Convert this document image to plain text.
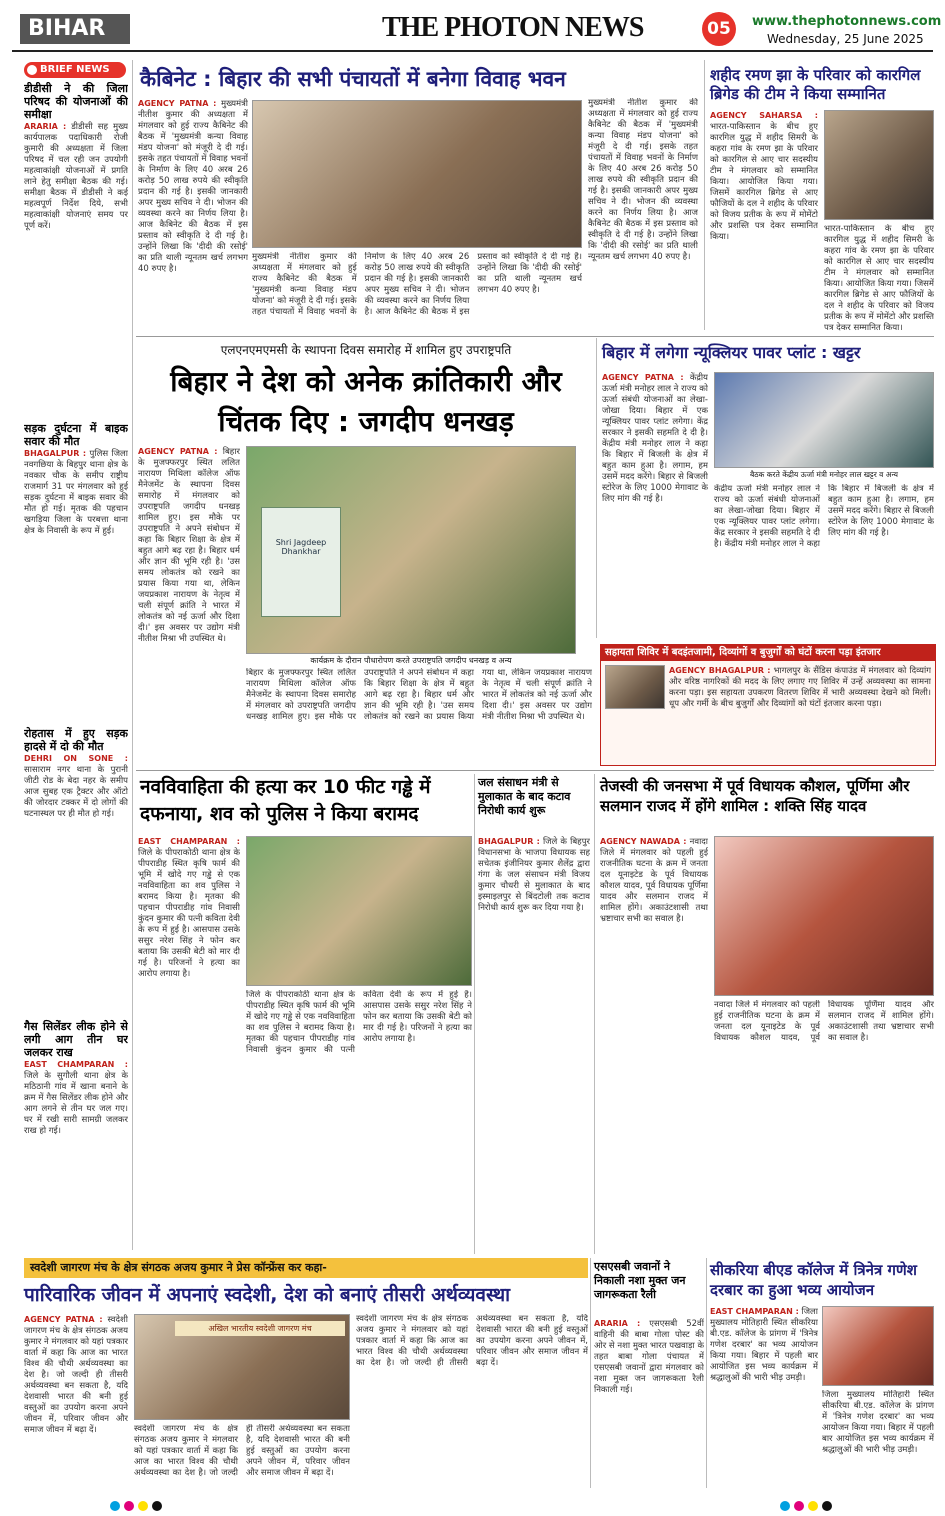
BIHAR	THE PHOTON NEWS	05	www.thephotonnews.com
Wednesday, 25 June 2025
BRIEF NEWS
डीडीसी ने की जिला परिषद की योजनाओं की समीक्षा
ARARIA : डीडीसी सह मुख्य कार्यपालक पदाधिकारी रोजी कुमारी की अध्यक्षता में जिला परिषद में चल रही जन उपयोगी महत्वाकांक्षी योजनाओं में प्रगति लाने हेतु समीक्षा बैठक की गई। समीक्षा बैठक में डीडीसी ने कई महत्वपूर्ण निर्देश दिये, सभी महत्वाकांक्षी योजनाएं समय पर पूर्ण करें।
सड़क दुर्घटना में बाइक सवार की मौत
BHAGALPUR : पुलिस जिला नवगछिया के बिहपुर थाना क्षेत्र के नवकार चौक के समीप राष्ट्रीय राजमार्ग 31 पर मंगलवार को हुई सड़क दुर्घटना में बाइक सवार की मौत हो गई। मृतक की पहचान खगड़िया जिला के परबत्ता थाना क्षेत्र के निवासी के रूप में हुई।
रोहतास में हुए सड़क हादसे में दो की मौत
DEHRI ON SONE : सासाराम नगर थाना के पुरानी जीटी रोड के बेदा नहर के समीप आज सुबह एक ट्रैक्टर और ऑटो की जोरदार टक्कर में दो लोगों की घटनास्थल पर ही मौत हो गई।
गैस सिलेंडर लीक होने से लगी आग तीन घर जलकर राख
EAST CHAMPARAN : जिले के सुगौली थाना क्षेत्र के मठिठानी गांव में खाना बनाने के क्रम में गैस सिलेंडर लीक होने और आग लगने से तीन घर जल गए। घर में रखी सारी सामग्री जलकर राख हो गई।
कैबिनेट : बिहार की सभी पंचायतों में बनेगा विवाह भवन
AGENCY PATNA : मुख्यमंत्री नीतीश कुमार की अध्यक्षता में मंगलवार को हुई राज्य कैबिनेट की बैठक में 'मुख्यमंत्री कन्या विवाह मंडप योजना' को मंजूरी दे दी गई। इसके तहत पंचायतों में विवाह भवनों के निर्माण के लिए 40 अरब 26 करोड़ 50 लाख रुपये की स्वीकृति प्रदान की गई है। इसकी जानकारी अपर मुख्य सचिव ने दी। भोजन की व्यवस्था करने का निर्णय लिया है। आज कैबिनेट की बैठक में इस प्रस्ताव को स्वीकृति दे दी गई है। उन्होंने लिखा कि 'दीदी की रसोई' का प्रति थाली न्यूनतम खर्च लगभग 40 रुपए है।
मुख्यमंत्री नीतीश कुमार की अध्यक्षता में मंगलवार को हुई राज्य कैबिनेट की बैठक में 'मुख्यमंत्री कन्या विवाह मंडप योजना' को मंजूरी दे दी गई। इसके तहत पंचायतों में विवाह भवनों के निर्माण के लिए 40 अरब 26 करोड़ 50 लाख रुपये की स्वीकृति प्रदान की गई है। इसकी जानकारी अपर मुख्य सचिव ने दी। भोजन की व्यवस्था करने का निर्णय लिया है। आज कैबिनेट की बैठक में इस प्रस्ताव को स्वीकृति दे दी गई है। उन्होंने लिखा कि 'दीदी की रसोई' का प्रति थाली न्यूनतम खर्च लगभग 40 रुपए है।
मुख्यमंत्री नीतीश कुमार की अध्यक्षता में मंगलवार को हुई राज्य कैबिनेट की बैठक में 'मुख्यमंत्री कन्या विवाह मंडप योजना' को मंजूरी दे दी गई। इसके तहत पंचायतों में विवाह भवनों के निर्माण के लिए 40 अरब 26 करोड़ 50 लाख रुपये की स्वीकृति प्रदान की गई है। इसकी जानकारी अपर मुख्य सचिव ने दी। भोजन की व्यवस्था करने का निर्णय लिया है। आज कैबिनेट की बैठक में इस प्रस्ताव को स्वीकृति दे दी गई है। उन्होंने लिखा कि 'दीदी की रसोई' का प्रति थाली न्यूनतम खर्च लगभग 40 रुपए है।
शहीद रमण झा के परिवार को कारगिल ब्रिगेड की टीम ने किया सम्मानित
AGENCY SAHARSA : भारत-पाकिस्तान के बीच हुए कारगिल युद्ध में शहीद सिमरी के कहरा गांव के रमण झा के परिवार को कारगिल से आए चार सदस्यीय टीम ने मंगलवार को सम्मानित किया। आयोजित किया गया। जिसमें कारगिल ब्रिगेड से आए फौजियों के दल ने शहीद के परिवार को विजय प्रतीक के रूप में मोमेंटो और प्रशस्ति पत्र देकर सम्मानित किया।
भारत-पाकिस्तान के बीच हुए कारगिल युद्ध में शहीद सिमरी के कहरा गांव के रमण झा के परिवार को कारगिल से आए चार सदस्यीय टीम ने मंगलवार को सम्मानित किया। आयोजित किया गया। जिसमें कारगिल ब्रिगेड से आए फौजियों के दल ने शहीद के परिवार को विजय प्रतीक के रूप में मोमेंटो और प्रशस्ति पत्र देकर सम्मानित किया।
एलएनएमएमसी के स्थापना दिवस समारोह में शामिल हुए उपराष्ट्रपति
बिहार ने देश को अनेक क्रांतिकारी और चिंतक दिए : जगदीप धनखड़
AGENCY PATNA : बिहार के मुजफ्फरपुर स्थित ललित नारायण मिथिला कॉलेज ऑफ मैनेजमेंट के स्थापना दिवस समारोह में मंगलवार को उपराष्ट्रपति जगदीप धनखड़ शामिल हुए। इस मौके पर उपराष्ट्रपति ने अपने संबोधन में कहा कि बिहार शिक्षा के क्षेत्र में बहुत आगे बढ़ रहा है। बिहार धर्म और ज्ञान की भूमि रही है। 'उस समय लोकतंत्र को रखने का प्रयास किया गया था, लेकिन जयप्रकाश नारायण के नेतृत्व में चली संपूर्ण क्रांति ने भारत में लोकतंत्र को नई ऊर्जा और दिशा दी।' इस अवसर पर उद्योग मंत्री नीतीश मिश्रा भी उपस्थित थे।
Shri Jagdeep Dhankhar
कार्यक्रम के दौरान पौधारोपण करते उपराष्ट्रपति जगदीप धनखड़ व अन्य
बिहार के मुजफ्फरपुर स्थित ललित नारायण मिथिला कॉलेज ऑफ मैनेजमेंट के स्थापना दिवस समारोह में मंगलवार को उपराष्ट्रपति जगदीप धनखड़ शामिल हुए। इस मौके पर उपराष्ट्रपति ने अपने संबोधन में कहा कि बिहार शिक्षा के क्षेत्र में बहुत आगे बढ़ रहा है। बिहार धर्म और ज्ञान की भूमि रही है। 'उस समय लोकतंत्र को रखने का प्रयास किया गया था, लेकिन जयप्रकाश नारायण के नेतृत्व में चली संपूर्ण क्रांति ने भारत में लोकतंत्र को नई ऊर्जा और दिशा दी।' इस अवसर पर उद्योग मंत्री नीतीश मिश्रा भी उपस्थित थे।
बिहार में लगेगा न्यूक्लियर पावर प्लांट : खट्टर
AGENCY PATNA : केंद्रीय ऊर्जा मंत्री मनोहर लाल ने राज्य को ऊर्जा संबंधी योजनाओं का लेखा-जोखा दिया। बिहार में एक न्यूक्लियर पावर प्लांट लगेगा। केंद्र सरकार ने इसकी सहमति दे दी है। केंद्रीय मंत्री मनोहर लाल ने कहा कि बिहार में बिजली के क्षेत्र में बहुत काम हुआ है। लगाम, हम उसमें मदद करेंगे। बिहार से बिजली स्टोरेज के लिए 1000 मेगावाट के लिए मांग की गई है।
बैठक करते केंद्रीय ऊर्जा मंत्री मनोहर लाल खट्टर व अन्य
केंद्रीय ऊर्जा मंत्री मनोहर लाल ने राज्य को ऊर्जा संबंधी योजनाओं का लेखा-जोखा दिया। बिहार में एक न्यूक्लियर पावर प्लांट लगेगा। केंद्र सरकार ने इसकी सहमति दे दी है। केंद्रीय मंत्री मनोहर लाल ने कहा कि बिहार में बिजली के क्षेत्र में बहुत काम हुआ है। लगाम, हम उसमें मदद करेंगे। बिहार से बिजली स्टोरेज के लिए 1000 मेगावाट के लिए मांग की गई है।
सहायता शिविर में बदइंतजामी, दिव्यांगों व बुजुर्गों को घंटों करना पड़ा इंतजार
AGENCY BHAGALPUR : भागलपुर के सैंडिस कंपाउंड में मंगलवार को दिव्यांग और वरिष्ठ नागरिकों की मदद के लिए लगाए गए शिविर में उन्हें अव्यवस्था का सामना करना पड़ा। इस सहायता उपकरण वितरण शिविर में भारी अव्यवस्था देखने को मिली। धूप और गर्मी के बीच बुजुर्गों और दिव्यांगों को घंटों इंतजार करना पड़ा।
नवविवाहिता की हत्या कर 10 फीट गड्ढे में दफनाया, शव को पुलिस ने किया बरामद
EAST CHAMPARAN : जिले के पीपराकोठी थाना क्षेत्र के पीपराडीह स्थित कृषि फार्म की भूमि में खोदे गए गड्ढे से एक नवविवाहिता का शव पुलिस ने बरामद किया है। मृतका की पहचान पीपराडीह गांव निवासी कुंदन कुमार की पत्नी कविता देवी के रूप में हुई है। आसपास उसके ससुर नरेश सिंह ने फोन कर बताया कि उसकी बेटी को मार दी गई है। परिजनों ने हत्या का आरोप लगाया है।
जिले के पीपराकोठी थाना क्षेत्र के पीपराडीह स्थित कृषि फार्म की भूमि में खोदे गए गड्ढे से एक नवविवाहिता का शव पुलिस ने बरामद किया है। मृतका की पहचान पीपराडीह गांव निवासी कुंदन कुमार की पत्नी कविता देवी के रूप में हुई है। आसपास उसके ससुर नरेश सिंह ने फोन कर बताया कि उसकी बेटी को मार दी गई है। परिजनों ने हत्या का आरोप लगाया है।
जल संसाधन मंत्री से मुलाकात के बाद कटाव निरोधी कार्य शुरू
BHAGALPUR : जिले के बिहपुर विधानसभा के भाजपा विधायक सह सचेतक इंजीनियर कुमार शैलेंद्र द्वारा गंगा के जल संसाधन मंत्री विजय कुमार चौधरी से मुलाकात के बाद इस्माइलपुर से बिंदटोली तक कटाव निरोधी कार्य शुरू कर दिया गया है।
तेजस्वी की जनसभा में पूर्व विधायक कौशल, पूर्णिमा और सलमान राजद में होंगे शामिल : शक्ति सिंह यादव
AGENCY NAWADA : नवादा जिले में मंगलवार को पहली हुई राजनीतिक घटना के क्रम में जनता दल यूनाइटेड के पूर्व विधायक कौशल यादव, पूर्व विधायक पूर्णिमा यादव और सलमान राजद में शामिल होंगे। अकाउंटशासी तथा भ्रष्टाचार सभी का सवाल है।
नवादा जिले में मंगलवार को पहली हुई राजनीतिक घटना के क्रम में जनता दल यूनाइटेड के पूर्व विधायक कौशल यादव, पूर्व विधायक पूर्णिमा यादव और सलमान राजद में शामिल होंगे। अकाउंटशासी तथा भ्रष्टाचार सभी का सवाल है।
स्वदेशी जागरण मंच के क्षेत्र संगठक अजय कुमार ने प्रेस कॉन्फ्रेंस कर कहा-
पारिवारिक जीवन में अपनाएं स्वदेशी, देश को बनाएं तीसरी अर्थव्यवस्था
AGENCY PATNA : स्वदेशी जागरण मंच के क्षेत्र संगठक अजय कुमार ने मंगलवार को यहां पत्रकार वार्ता में कहा कि आज का भारत विश्व की चौथी अर्थव्यवस्था का देश है। जो जल्दी ही तीसरी अर्थव्यवस्था बन सकता है, यदि देशवासी भारत की बनी हुई वस्तुओं का उपयोग करना अपने जीवन में, परिवार जीवन और समाज जीवन में बढ़ा दें।
अखिल भारतीय स्वदेशी जागरण मंच
स्वदेशी जागरण मंच के क्षेत्र संगठक अजय कुमार ने मंगलवार को यहां पत्रकार वार्ता में कहा कि आज का भारत विश्व की चौथी अर्थव्यवस्था का देश है। जो जल्दी ही तीसरी अर्थव्यवस्था बन सकता है, यदि देशवासी भारत की बनी हुई वस्तुओं का उपयोग करना अपने जीवन में, परिवार जीवन और समाज जीवन में बढ़ा दें।
स्वदेशी जागरण मंच के क्षेत्र संगठक अजय कुमार ने मंगलवार को यहां पत्रकार वार्ता में कहा कि आज का भारत विश्व की चौथी अर्थव्यवस्था का देश है। जो जल्दी ही तीसरी अर्थव्यवस्था बन सकता है, यदि देशवासी भारत की बनी हुई वस्तुओं का उपयोग करना अपने जीवन में, परिवार जीवन और समाज जीवन में बढ़ा दें।
एसएसबी जवानों ने निकाली नशा मुक्त जन जागरूकता रैली
ARARIA : एसएसबी 52वीं वाहिनी की बाबा गोला पोस्ट की ओर से नशा मुक्त भारत पखवाड़ा के तहत बाबा गोला पंचायत में एसएसबी जवानों द्वारा मंगलवार को नशा मुक्त जन जागरूकता रैली निकाली गई।
सीकरिया बीएड कॉलेज में त्रिनेत्र गणेश दरबार का हुआ भव्य आयोजन
EAST CHAMPARAN : जिला मुख्यालय मोतिहारी स्थित सीकरिया बी.एड. कॉलेज के प्रांगण में 'त्रिनेत्र गणेश दरबार' का भव्य आयोजन किया गया। बिहार में पहली बार आयोजित इस भव्य कार्यक्रम में श्रद्धालुओं की भारी भीड़ उमड़ी।
जिला मुख्यालय मोतिहारी स्थित सीकरिया बी.एड. कॉलेज के प्रांगण में 'त्रिनेत्र गणेश दरबार' का भव्य आयोजन किया गया। बिहार में पहली बार आयोजित इस भव्य कार्यक्रम में श्रद्धालुओं की भारी भीड़ उमड़ी।
